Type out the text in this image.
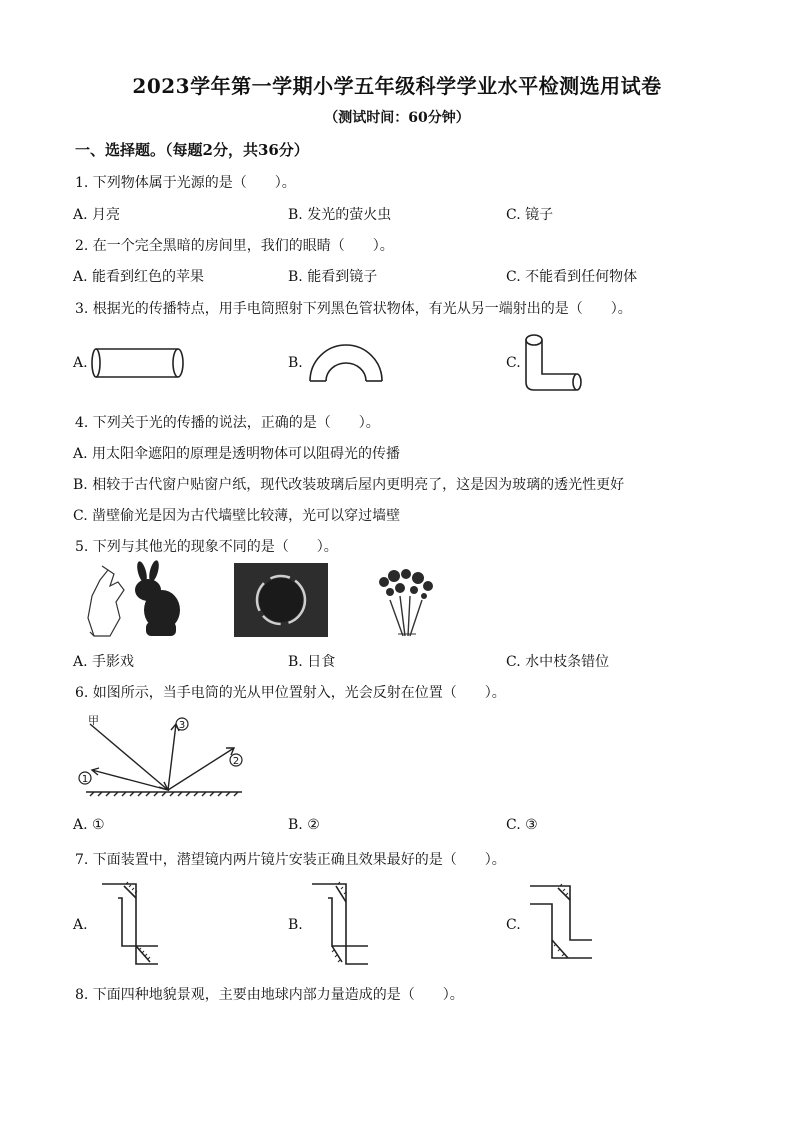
2023学年第一学期小学五年级科学学业水平检测选用试卷
（测试时间：60分钟）
一、选择题。（每题2分，共36分）
1. 下列物体属于光源的是（　　）。
A. 月亮	B. 发光的萤火虫	C. 镜子
2. 在一个完全黑暗的房间里，我们的眼睛（　　）。
A. 能看到红色的苹果	B. 能看到镜子	C. 不能看到任何物体
3. 根据光的传播特点，用手电筒照射下列黑色管状物体，有光从另一端射出的是（　　）。
A.	B.	C.
4. 下列关于光的传播的说法，正确的是（　　）。
A. 用太阳伞遮阳的原理是透明物体可以阻碍光的传播
B. 相较于古代窗户贴窗户纸，现代改装玻璃后屋内更明亮了，这是因为玻璃的透光性更好
C. 凿壁偷光是因为古代墙壁比较薄，光可以穿过墙壁
5. 下列与其他光的现象不同的是（　　）。
A. 手影戏	B. 日食	C. 水中枝条错位
6. 如图所示，当手电筒的光从甲位置射入，光会反射在位置（　　）。
甲
1
2
3
A. ①	B. ②	C. ③
7. 下面装置中，潜望镜内两片镜片安装正确且效果最好的是（　　）。
A.	B.	C.
8. 下面四种地貌景观，主要由地球内部力量造成的是（　　）。
